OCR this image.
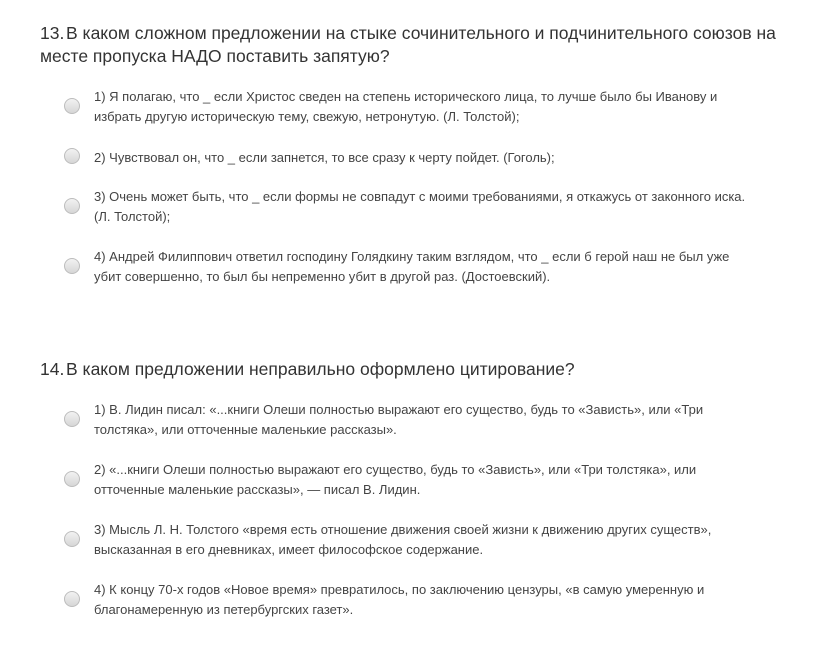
13.В каком сложном предложении на стыке сочинительного и подчинительного союзов на месте пропуска НАДО поставить запятую?
1) Я полагаю, что _ если Христос сведен на степень исторического лица, то лучше было бы Иванову и избрать другую историческую тему, свежую, нетронутую. (Л. Толстой);
2) Чувствовал он, что _ если запнется, то все сразу к черту пойдет. (Гоголь);
3) Очень может быть, что _ если формы не совпадут с моими требованиями, я откажусь от законного иска. (Л. Толстой);
4) Андрей Филиппович ответил господину Голядкину таким взглядом, что _ если б герой наш не был уже убит совершенно, то был бы непременно убит в другой раз. (Достоевский).
14.В каком предложении неправильно оформлено цитирование?
1) В. Лидин писал: «...книги Олеши полностью выражают его существо, будь то «Зависть», или «Три толстяка», или отточенные маленькие рассказы».
2) «...книги Олеши полностью выражают его существо, будь то «Зависть», или «Три толстяка», или отточенные маленькие рассказы», — писал В. Лидин.
3) Мысль Л. Н. Толстого «время есть отношение движения своей жизни к движению других существ», высказанная в его дневниках, имеет философское содержание.
4) К концу 70-х годов «Новое время» превратилось, по заключению цензуры, «в самую умеренную и благонамеренную из петербургских газет».
